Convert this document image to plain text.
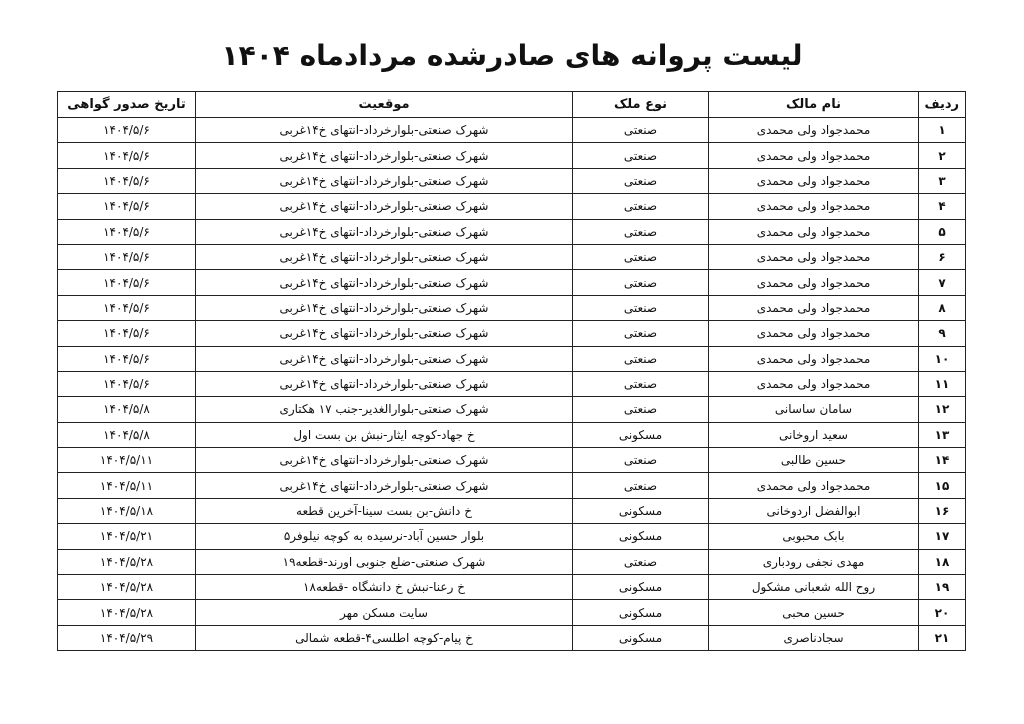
لیست پروانه های صادرشده مردادماه ۱۴۰۴
ردیف	نام مالک	نوع ملک	موقعیت	تاریخ صدور گواهی
۱	محمدجواد ولی محمدی	صنعتی	شهرک صنعتی-بلوارخرداد-انتهای خ۱۴غربی	۱۴۰۴/۵/۶
۲	محمدجواد ولی محمدی	صنعتی	شهرک صنعتی-بلوارخرداد-انتهای خ۱۴غربی	۱۴۰۴/۵/۶
۳	محمدجواد ولی محمدی	صنعتی	شهرک صنعتی-بلوارخرداد-انتهای خ۱۴غربی	۱۴۰۴/۵/۶
۴	محمدجواد ولی محمدی	صنعتی	شهرک صنعتی-بلوارخرداد-انتهای خ۱۴غربی	۱۴۰۴/۵/۶
۵	محمدجواد ولی محمدی	صنعتی	شهرک صنعتی-بلوارخرداد-انتهای خ۱۴غربی	۱۴۰۴/۵/۶
۶	محمدجواد ولی محمدی	صنعتی	شهرک صنعتی-بلوارخرداد-انتهای خ۱۴غربی	۱۴۰۴/۵/۶
۷	محمدجواد ولی محمدی	صنعتی	شهرک صنعتی-بلوارخرداد-انتهای خ۱۴غربی	۱۴۰۴/۵/۶
۸	محمدجواد ولی محمدی	صنعتی	شهرک صنعتی-بلوارخرداد-انتهای خ۱۴غربی	۱۴۰۴/۵/۶
۹	محمدجواد ولی محمدی	صنعتی	شهرک صنعتی-بلوارخرداد-انتهای خ۱۴غربی	۱۴۰۴/۵/۶
۱۰	محمدجواد ولی محمدی	صنعتی	شهرک صنعتی-بلوارخرداد-انتهای خ۱۴غربی	۱۴۰۴/۵/۶
۱۱	محمدجواد ولی محمدی	صنعتی	شهرک صنعتی-بلوارخرداد-انتهای خ۱۴غربی	۱۴۰۴/۵/۶
۱۲	سامان ساسانی	صنعتی	شهرک صنعتی-بلوارالغدیر-جنب ۱۷ هکتاری	۱۴۰۴/۵/۸
۱۳	سعید اروخانی	مسکونی	خ جهاد-کوچه ایثار-نبش بن بست اول	۱۴۰۴/۵/۸
۱۴	حسین طالبی	صنعتی	شهرک صنعتی-بلوارخرداد-انتهای خ۱۴غربی	۱۴۰۴/۵/۱۱
۱۵	محمدجواد ولی محمدی	صنعتی	شهرک صنعتی-بلوارخرداد-انتهای خ۱۴غربی	۱۴۰۴/۵/۱۱
۱۶	ابوالفضل اردوخانی	مسکونی	خ دانش-بن بست سینا-آخرین قطعه	۱۴۰۴/۵/۱۸
۱۷	بابک محبوبی	مسکونی	بلوار حسین آباد-نرسیده به کوچه نیلوفر۵	۱۴۰۴/۵/۲۱
۱۸	مهدی نجفی رودباری	صنعتی	شهرک صنعتی-ضلع جنوبی اورند-قطعه۱۹	۱۴۰۴/۵/۲۸
۱۹	روح الله شعبانی مشکول	مسکونی	خ رعنا-نبش خ دانشگاه -قطعه۱۸	۱۴۰۴/۵/۲۸
۲۰	حسین محبی	مسکونی	سایت مسکن مهر	۱۴۰۴/۵/۲۸
۲۱	سجادناصری	مسکونی	خ پیام-کوچه اطلسی۴-قطعه شمالی	۱۴۰۴/۵/۲۹
